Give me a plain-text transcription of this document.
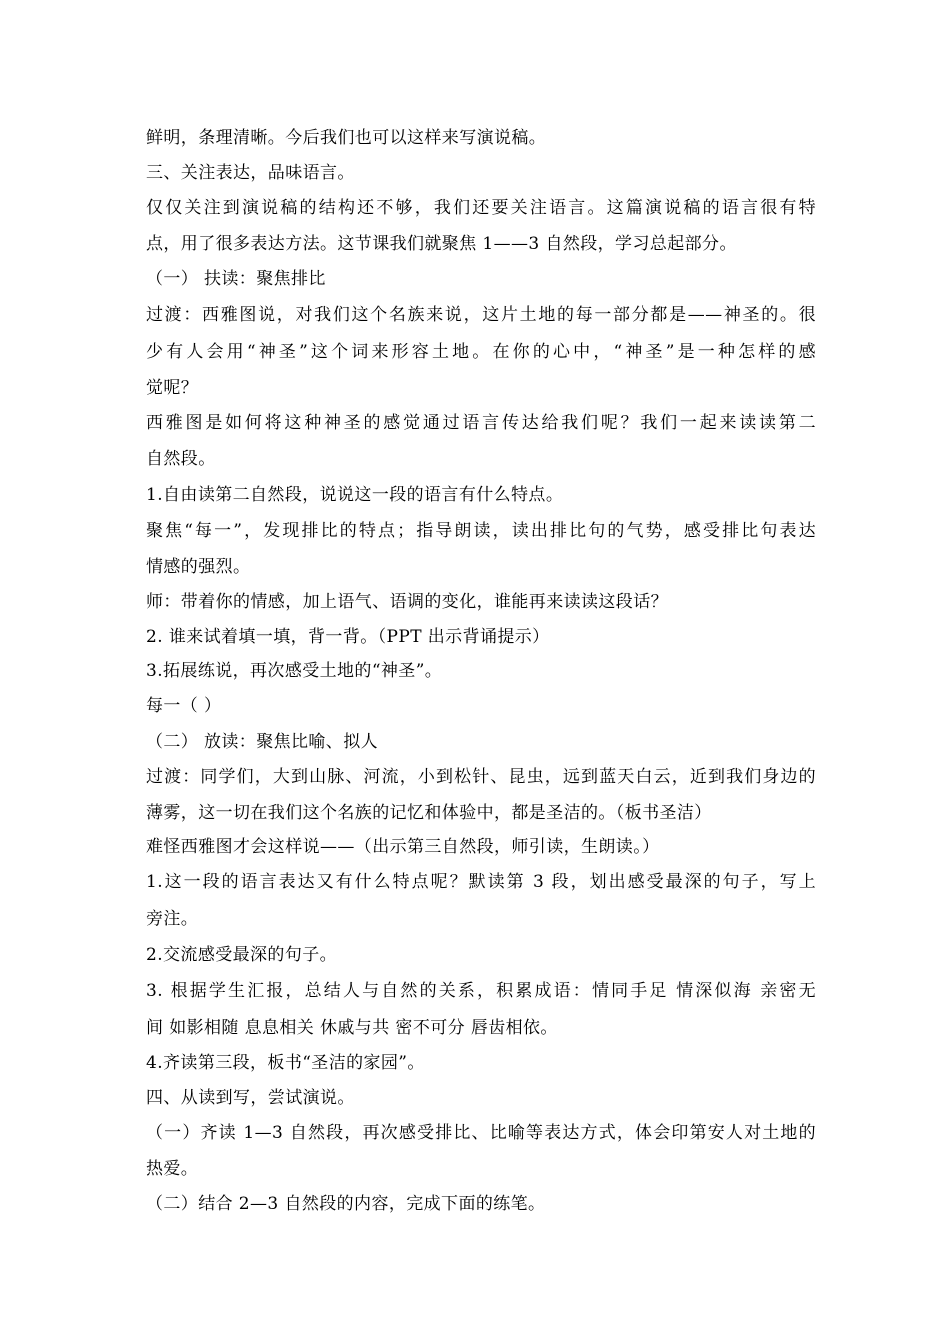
鲜明，条理清晰。今后我们也可以这样来写演说稿。
三、关注表达，品味语言。
仅仅关注到演说稿的结构还不够，我们还要关注语言。这篇演说稿的语言很有特
点，用了很多表达方法。这节课我们就聚焦 1——3 自然段，学习总起部分。
（一） 扶读：聚焦排比
过渡：西雅图说，对我们这个名族来说，这片土地的每一部分都是——神圣的。很
少有人会用“神圣”这个词来形容土地。在你的心中，“神圣”是一种怎样的感
觉呢？
西雅图是如何将这种神圣的感觉通过语言传达给我们呢？我们一起来读读第二
自然段。
1.自由读第二自然段，说说这一段的语言有什么特点。
聚焦“每一”，发现排比的特点；指导朗读，读出排比句的气势，感受排比句表达
情感的强烈。
师：带着你的情感，加上语气、语调的变化，谁能再来读读这段话？
2. 谁来试着填一填，背一背。（PPT 出示背诵提示）
3.拓展练说，再次感受土地的“神圣”。
每一（ ）
（二） 放读：聚焦比喻、拟人
过渡：同学们，大到山脉、河流，小到松针、昆虫，远到蓝天白云，近到我们身边的
薄雾，这一切在我们这个名族的记忆和体验中，都是圣洁的。（板书圣洁）
难怪西雅图才会这样说——（出示第三自然段，师引读，生朗读。）
1.这一段的语言表达又有什么特点呢？默读第 3 段，划出感受最深的句子，写上
旁注。
2.交流感受最深的句子。
3. 根据学生汇报，总结人与自然的关系，积累成语：情同手足 情深似海 亲密无
间 如影相随 息息相关 休戚与共 密不可分 唇齿相依。
4.齐读第三段，板书“圣洁的家园”。
四、从读到写，尝试演说。
（一）齐读 1—3 自然段，再次感受排比、比喻等表达方式，体会印第安人对土地的
热爱。
（二）结合 2—3 自然段的内容，完成下面的练笔。
